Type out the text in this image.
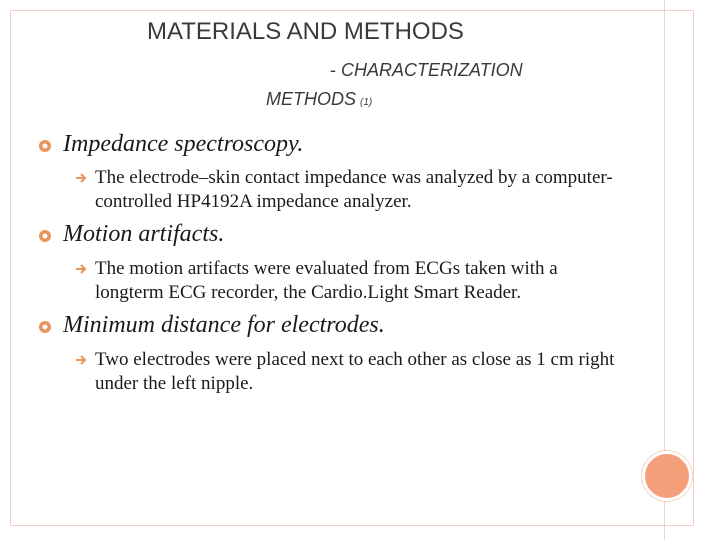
MATERIALS AND METHODS
- CHARACTERIZATION
METHODS (1)
Impedance spectroscopy.
The electrode–skin contact impedance was analyzed by a computer-controlled HP4192A impedance analyzer.
Motion artifacts.
The motion artifacts were evaluated from ECGs taken with a longterm ECG recorder, the Cardio.Light Smart Reader.
Minimum distance for electrodes.
Two electrodes were placed next to each other as close as 1 cm right under the left nipple.
